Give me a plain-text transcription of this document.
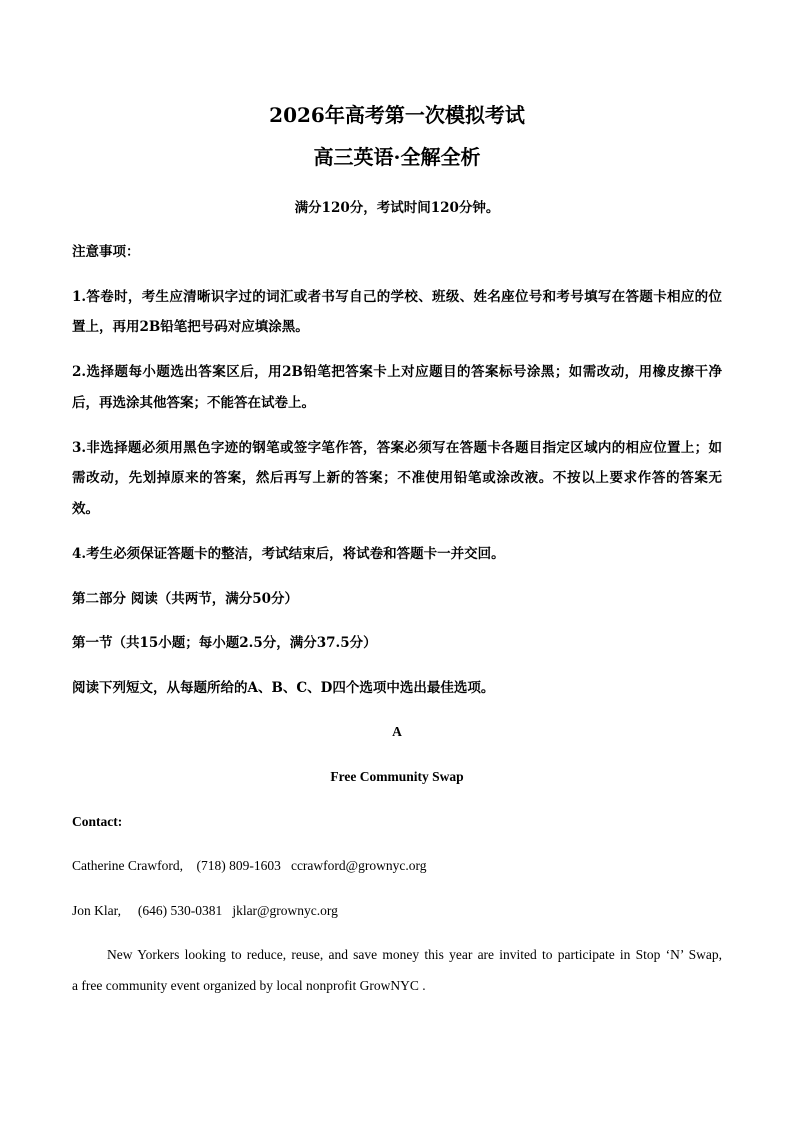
2026年高考第一次模拟考试
高三英语·全解全析
满分120分，考试时间120分钟。
注意事项：
1.答卷时，考生应清晰识字过的词汇或者书写自己的学校、班级、姓名座位号和考号填写在答题卡相应的位
置上，再用2B铅笔把号码对应填涂黑。
2.选择题每小题选出答案区后，用2B铅笔把答案卡上对应题目的答案标号涂黑；如需改动，用橡皮擦干净
后，再选涂其他答案；不能答在试卷上。
3.非选择题必须用黑色字迹的钢笔或签字笔作答，答案必须写在答题卡各题目指定区域内的相应位置上；如
需改动，先划掉原来的答案，然后再写上新的答案；不准使用铅笔或涂改液。不按以上要求作答的答案无
效。
4.考生必须保证答题卡的整洁，考试结束后，将试卷和答题卡一并交回。
第二部分 阅读（共两节，满分50分）
第一节（共15小题；每小题2.5分，满分37.5分）
阅读下列短文，从每题所给的A、B、C、D四个选项中选出最佳选项。
A
Free Community Swap
Contact:
Catherine Crawford,    (718) 809-1603   ccrawford@grownyc.org
Jon Klar,     (646) 530-0381   jklar@grownyc.org
New Yorkers looking to reduce, reuse, and save money this year are invited to participate in Stop ‘N’ Swap,
a free community event organized by local nonprofit GrowNYC .
